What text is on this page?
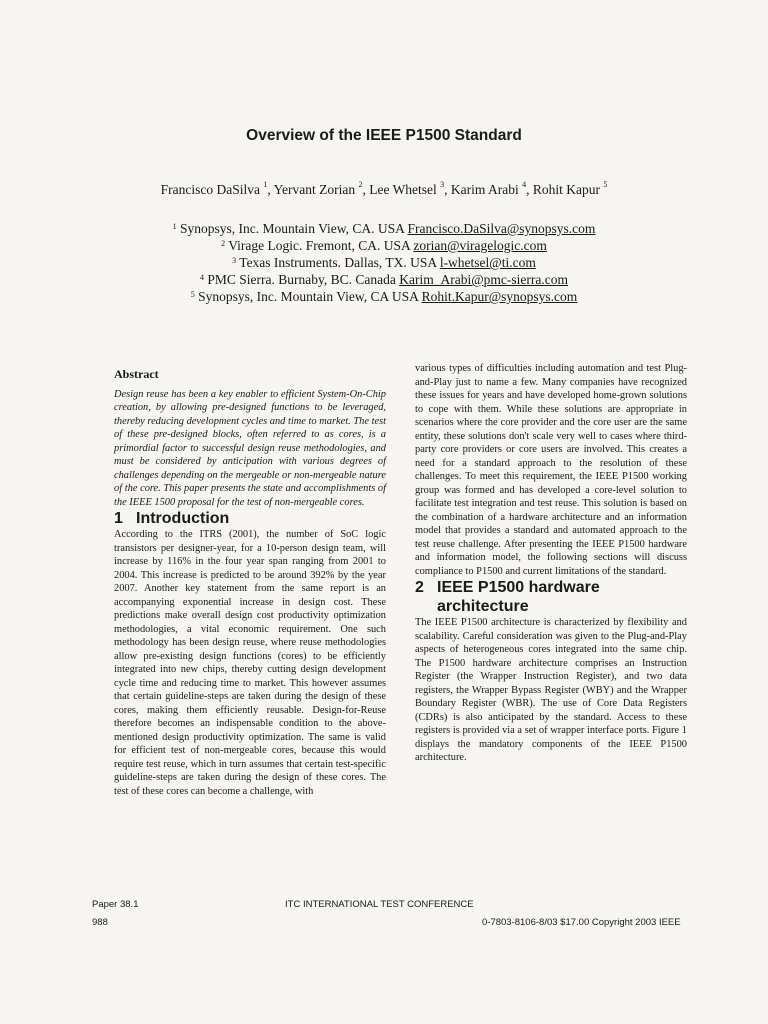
Overview of the IEEE P1500 Standard
Francisco DaSilva $^1$, Yervant Zorian $^2$, Lee Whetsel $^3$, Karim Arabi $^4$, Rohit Kapur $^5$
$^1$ Synopsys, Inc. Mountain View, CA. USA Francisco.DaSilva@synopsys.com
$^2$ Virage Logic. Fremont, CA. USA zorian@viragelogic.com
$^3$ Texas Instruments. Dallas, TX. USA l-whetsel@ti.com
$^4$ PMC Sierra. Burnaby, BC. Canada Karim_Arabi@pmc-sierra.com
$^5$ Synopsys, Inc. Mountain View, CA USA Rohit.Kapur@synopsys.com
Abstract

Design reuse has been a key enabler to efficient System-On-Chip creation, by allowing pre-designed functions to be leveraged, thereby reducing development cycles and time to market. The test of these pre-designed blocks, often referred to as cores, is a primordial factor to successful design reuse methodologies, and must be considered by anticipation with various degrees of challenges depending on the mergeable or non-mergeable nature of the core. This paper presents the state and accomplishments of the IEEE 1500 proposal for the test of non-mergeable cores.

1 Introduction

According to the ITRS (2001), the number of SoC logic transistors per designer-year, for a 10-person design team, will increase by 116% in the four year span ranging from 2001 to 2004. This increase is predicted to be around 392% by the year 2007. Another key statement from the same report is an accompanying exponential increase in design cost. These predictions make overall design cost productivity optimization methodologies, a vital economic requirement. One such methodology has been design reuse, where reuse methodologies allow pre-existing design functions (cores) to be efficiently integrated into new chips, thereby cutting design development cycle time and reducing time to market. This however assumes that certain guideline-steps are taken during the design of these cores, making them efficiently reusable. Design-for-Reuse therefore becomes an indispensable condition to the above-mentioned design productivity optimization. The same is valid for efficient test of non-mergeable cores, because this would require test reuse, which in turn assumes that certain test-specific guideline-steps are taken during the design of these cores. The test of these cores can become a challenge, with

various types of difficulties including automation and test Plug-and-Play just to name a few. Many companies have recognized these issues for years and have developed home-grown solutions to cope with them. While these solutions are appropriate in scenarios where the core provider and the core user are the same entity, these solutions don't scale very well to cases where third-party core providers or core users are involved. This creates a need for a standard approach to the resolution of these challenges. To meet this requirement, the IEEE P1500 working group was formed and has developed a core-level solution to facilitate test integration and test reuse. This solution is based on the combination of a hardware architecture and an information model that provides a standard and automated approach to the test reuse challenge. After presenting the IEEE P1500 hardware and information model, the following sections will discuss compliance to P1500 and current limitations of the standard.

2 IEEE P1500 hardware
architecture

The IEEE P1500 architecture is characterized by flexibility and scalability. Careful consideration was given to the Plug-and-Play aspects of heterogeneous cores integrated into the same chip. The P1500 hardware architecture comprises an Instruction Register (the Wrapper Instruction Register), and two data registers, the Wrapper Bypass Register (WBY) and the Wrapper Boundary Register (WBR). The use of Core Data Registers (CDRs) is also anticipated by the standard. Access to these registers is provided via a set of wrapper interface ports. Figure 1 displays the mandatory components of the IEEE P1500 architecture.

Paper 38.1	ITC INTERNATIONAL TEST CONFERENCE
988	0-7803-8106-8/03 $17.00 Copyright 2003 IEEE
